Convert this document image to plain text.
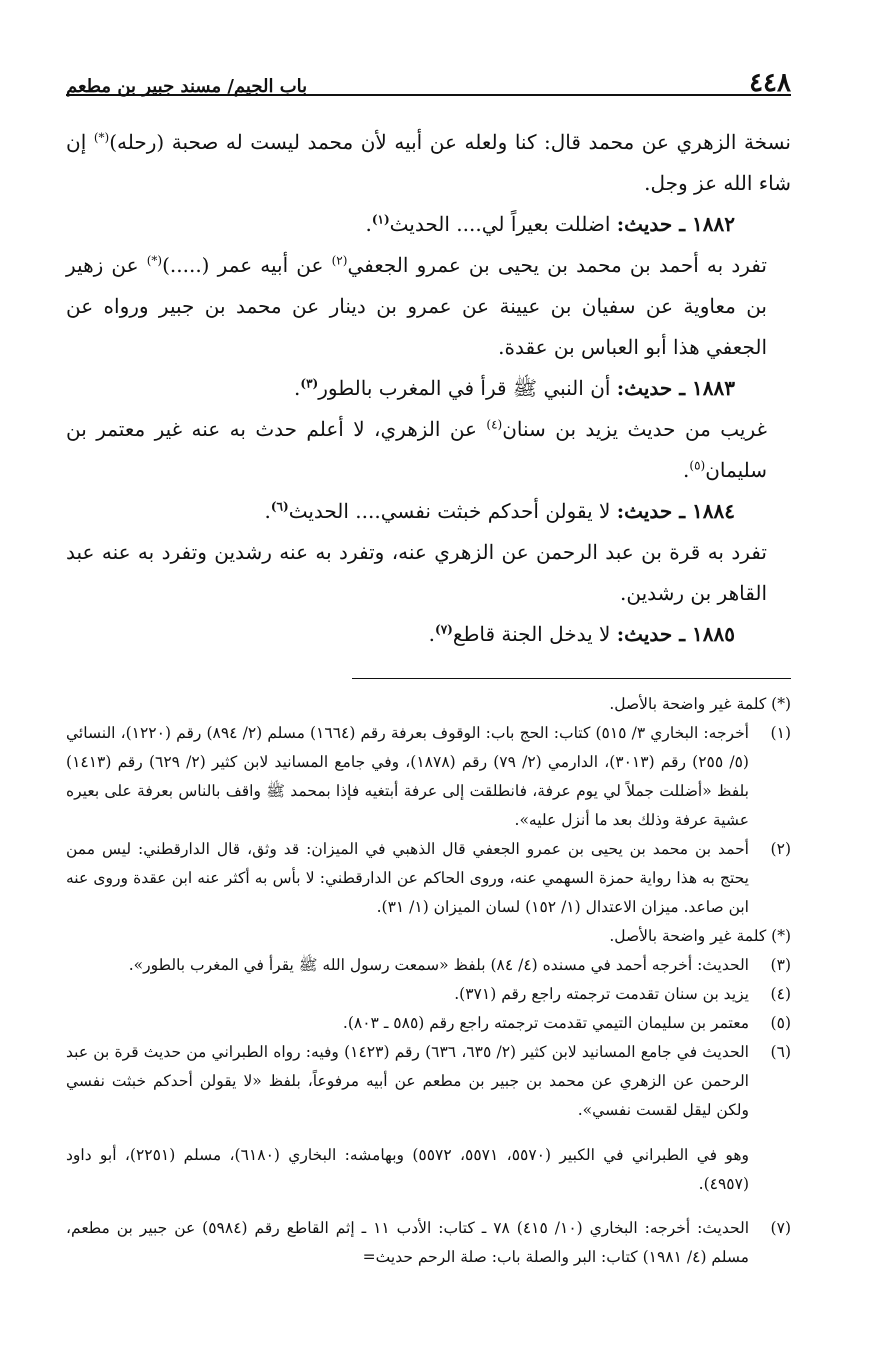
٤٤٨
باب الجيم/ مسند جبير بن مطعم

نسخة الزهري عن محمد قال: كنا ولعله عن أبيه لأن محمد ليست له صحبة (رحله)(*) إن شاء الله عز وجل.

١٨٨٢ ـ حديث: اضللت بعيراً لي.... الحديث$^{(١)}$.

تفرد به أحمد بن محمد بن يحيى بن عمرو الجعفي$^{(٢)}$ عن أبيه عمر (.....)(*) عن زهير بن معاوية عن سفيان بن عيينة عن عمرو بن دينار عن محمد بن جبير ورواه عن الجعفي هذا أبو العباس بن عقدة.

١٨٨٣ ـ حديث: أن النبي ﷺ قرأ في المغرب بالطور$^{(٣)}$.

غريب من حديث يزيد بن سنان$^{(٤)}$ عن الزهري، لا أعلم حدث به عنه غير معتمر بن سليمان$^{(٥)}$.

١٨٨٤ ـ حديث: لا يقولن أحدكم خبثت نفسي.... الحديث$^{(٦)}$.

تفرد به قرة بن عبد الرحمن عن الزهري عنه، وتفرد به عنه رشدين وتفرد به عنه عبد القاهر بن رشدين.

١٨٨٥ ـ حديث: لا يدخل الجنة قاطع$^{(٧)}$.

(*) كلمة غير واضحة بالأصل.

(١)
أخرجه: البخاري ٣/ ٥١٥) كتاب: الحج باب: الوقوف بعرفة رقم (١٦٦٤) مسلم (٢/ ٨٩٤) رقم (١٢٢٠)، النسائي (٥/ ٢٥٥) رقم (٣٠١٣)، الدارمي (٢/ ٧٩) رقم (١٨٧٨)، وفي جامع المسانيد لابن كثير (٢/ ٦٢٩) رقم (١٤١٣) بلفظ «أضللت جملاً لي يوم عرفة، فانطلقت إلى عرفة أبتغيه فإذا بمحمد ﷺ واقف بالناس بعرفة على بعيره عشية عرفة وذلك بعد ما أنزل عليه».
(٢)
أحمد بن محمد بن يحيى بن عمرو الجعفي قال الذهبي في الميزان: قد وثق، قال الدارقطني: ليس ممن يحتج به هذا رواية حمزة السهمي عنه، وروى الحاكم عن الدارقطني: لا بأس به أكثر عنه ابن عقدة وروى عنه ابن صاعد. ميزان الاعتدال (١/ ١٥٢) لسان الميزان (١/ ٣١).

(*) كلمة غير واضحة بالأصل.

(٣)
الحديث: أخرجه أحمد في مسنده (٤/ ٨٤) بلفظ «سمعت رسول الله ﷺ يقرأ في المغرب بالطور».
(٤)
يزيد بن سنان تقدمت ترجمته راجع رقم (٣٧١).
(٥)
معتمر بن سليمان التيمي تقدمت ترجمته راجع رقم (٥٨٥ ـ ٨٠٣).
(٦)
الحديث في جامع المسانيد لابن كثير (٢/ ٦٣٥، ٦٣٦) رقم (١٤٢٣) وفيه: رواه الطبراني من حديث قرة بن عبد الرحمن عن الزهري عن محمد بن جبير بن مطعم عن أبيه مرفوعاً، بلفظ «لا يقولن أحدكم خبثت نفسي ولكن ليقل لقست نفسي».

وهو في الطبراني في الكبير (٥٥٧٠، ٥٥٧١، ٥٥٧٢) وبهامشه: البخاري (٦١٨٠)، مسلم (٢٢٥١)، أبو داود (٤٩٥٧).

(٧)
الحديث: أخرجه: البخاري (١٠/ ٤١٥) ٧٨ ـ كتاب: الأدب ١١ ـ إثم القاطع رقم (٥٩٨٤) عن جبير بن مطعم، مسلم (٤/ ١٩٨١) كتاب: البر والصلة باب: صلة الرحم حديث=
